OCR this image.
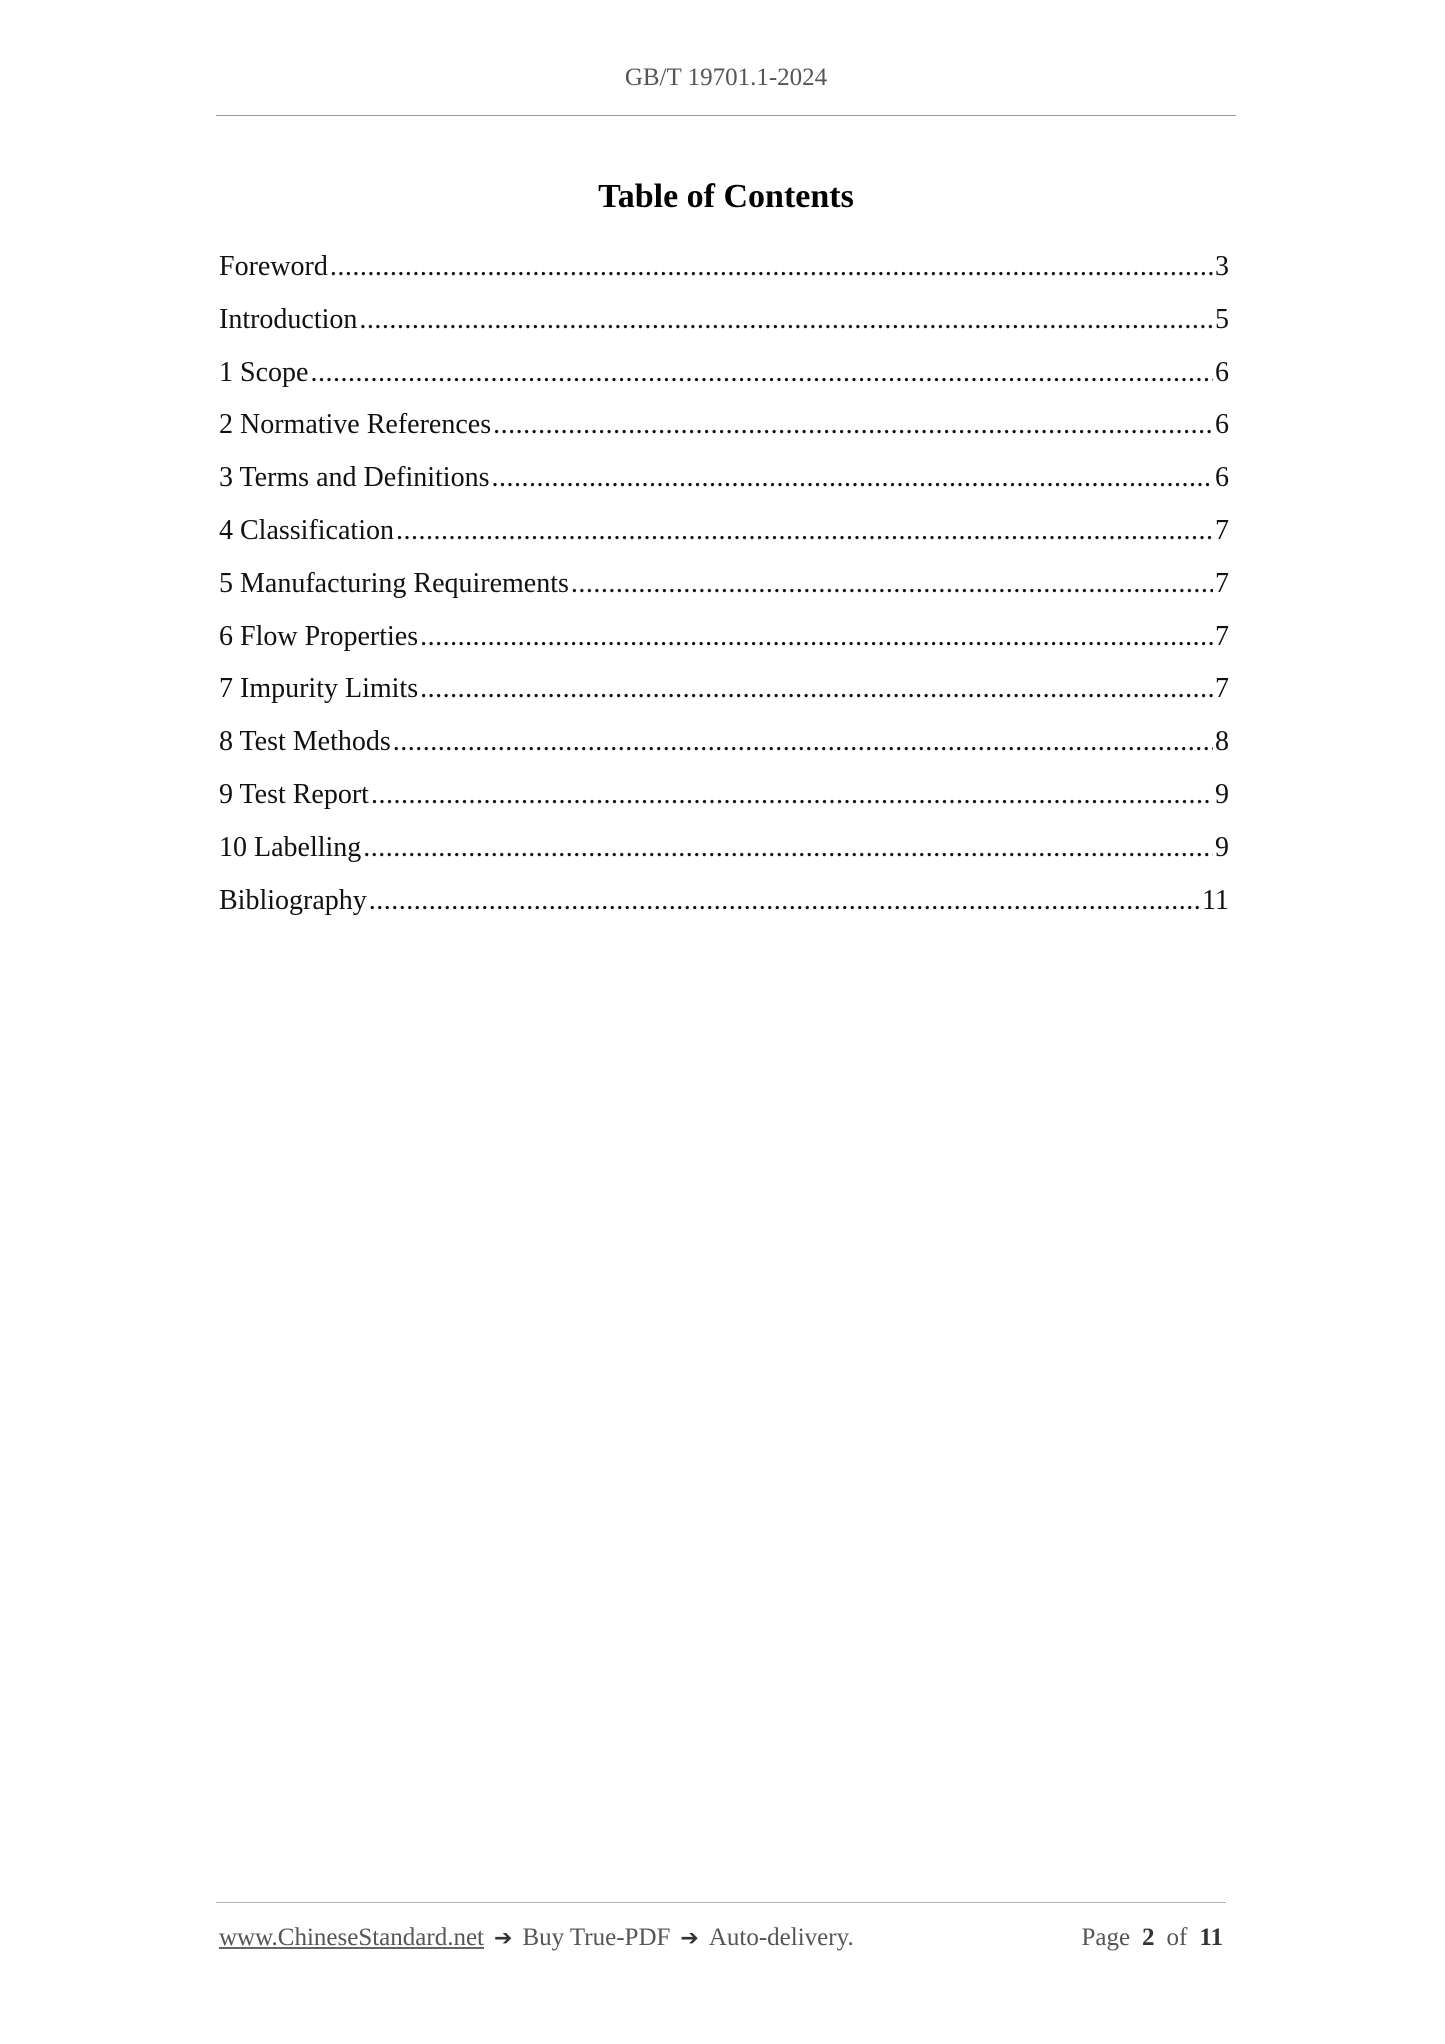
GB/T 19701.1-2024
Table of Contents
Foreword .....	3
Introduction .....	5
1 Scope .....	6
2 Normative References .....	6
3 Terms and Definitions .....	6
4 Classification .....	7
5 Manufacturing Requirements .....	7
6 Flow Properties .....	7
7 Impurity Limits .....	7
8 Test Methods .....	8
9 Test Report .....	9
10 Labelling .....	9
Bibliography .....	11
www.ChineseStandard.net ➔ Buy True-PDF ➔ Auto-delivery.	Page 2 of 11
